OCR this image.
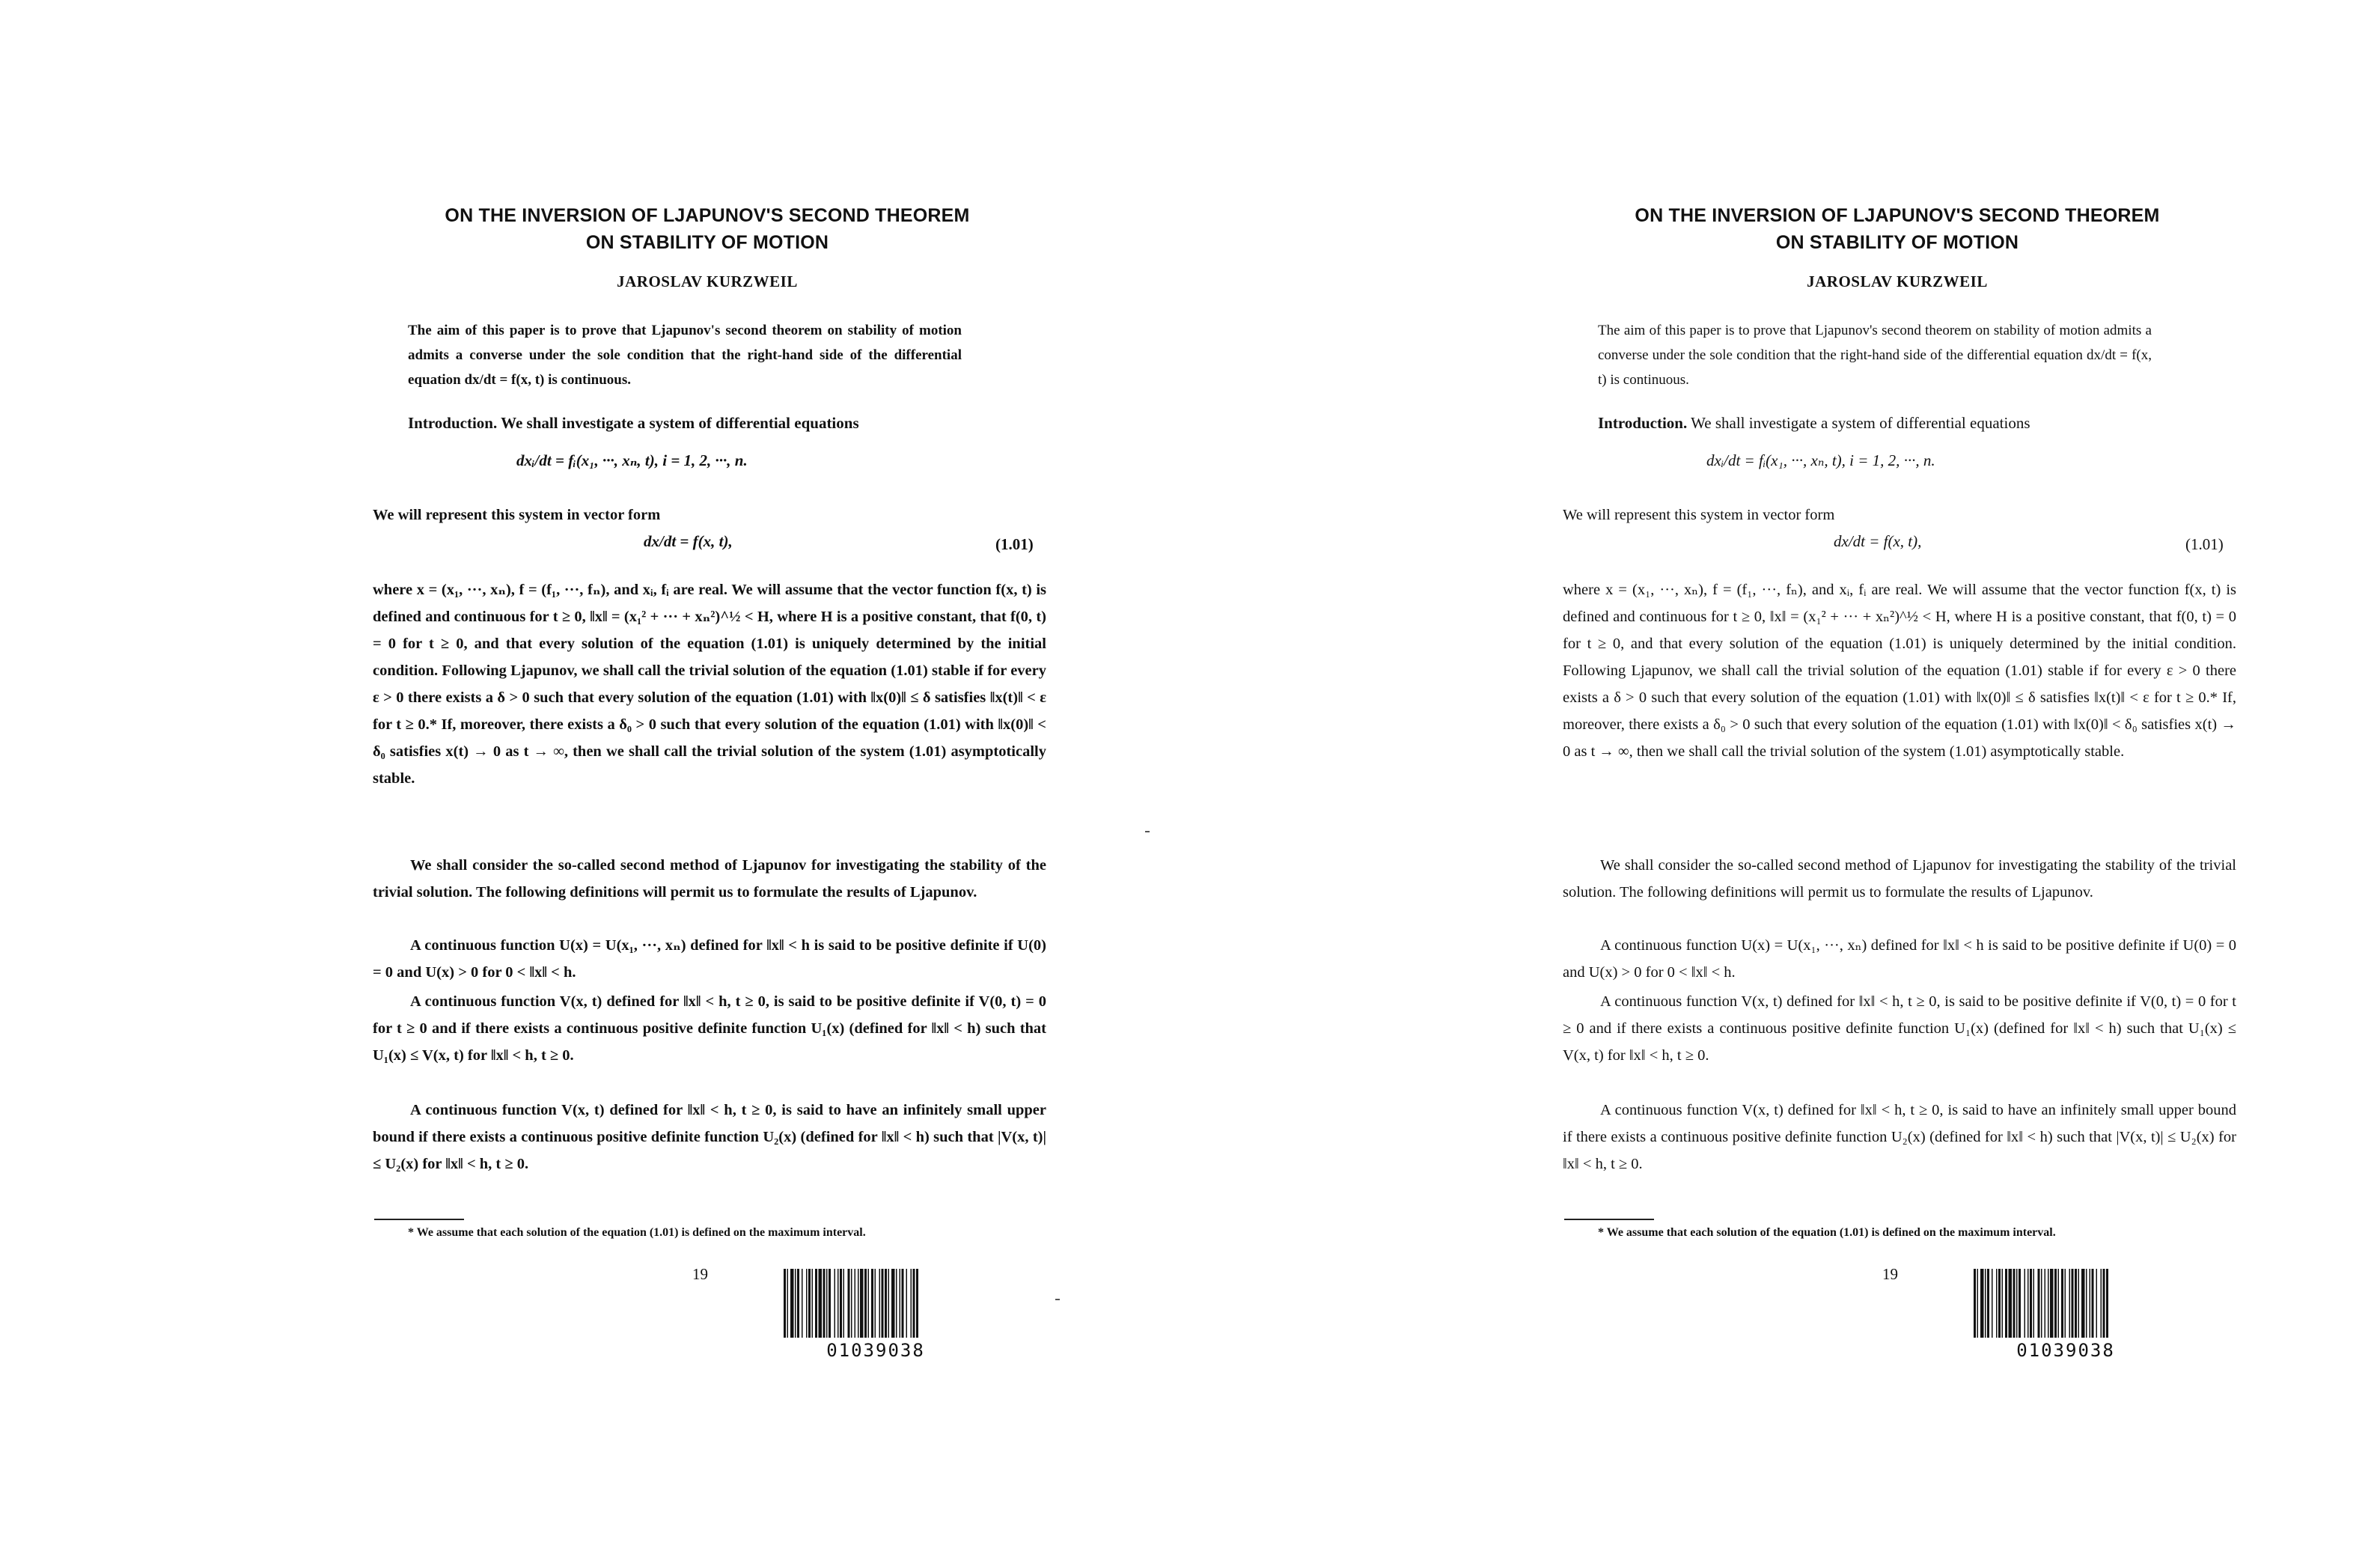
ON THE INVERSION OF LJAPUNOV'S SECOND THEOREM
ON STABILITY OF MOTION
JAROSLAV KURZWEIL
The aim of this paper is to prove that Ljapunov's second theorem on stability of motion admits a converse under the sole condition that the right-hand side of the differential equation dx/dt = f(x, t) is continuous.
Introduction. We shall investigate a system of differential equations
dxᵢ/dt = fᵢ(x₁, ···, xₙ, t), i = 1, 2, ···, n.
We will represent this system in vector form
dx/dt = f(x, t),	(1.01)
where x = (x₁, ···, xₙ), f = (f₁, ···, fₙ), and xᵢ, fᵢ are real. We will assume that the vector function f(x, t) is defined and continuous for t ≥ 0, ‖x‖ = (x₁² + ··· + xₙ²)^½ < H, where H is a positive constant, that f(0, t) = 0 for t ≥ 0, and that every solution of the equation (1.01) is uniquely determined by the initial condition. Following Ljapunov, we shall call the trivial solution of the equation (1.01) stable if for every ε > 0 there exists a δ > 0 such that every solution of the equation (1.01) with ‖x(0)‖ ≤ δ satisfies ‖x(t)‖ < ε for t ≥ 0.* If, moreover, there exists a δ₀ > 0 such that every solution of the equation (1.01) with ‖x(0)‖ < δ₀ satisfies x(t) → 0 as t → ∞, then we shall call the trivial solution of the system (1.01) asymptotically stable.
We shall consider the so-called second method of Ljapunov for investigating the stability of the trivial solution. The following definitions will permit us to formulate the results of Ljapunov.
A continuous function U(x) = U(x₁, ···, xₙ) defined for ‖x‖ < h is said to be positive definite if U(0) = 0 and U(x) > 0 for 0 < ‖x‖ < h.
A continuous function V(x, t) defined for ‖x‖ < h, t ≥ 0, is said to be positive definite if V(0, t) = 0 for t ≥ 0 and if there exists a continuous positive definite function U₁(x) (defined for ‖x‖ < h) such that U₁(x) ≤ V(x, t) for ‖x‖ < h, t ≥ 0.
A continuous function V(x, t) defined for ‖x‖ < h, t ≥ 0, is said to have an infinitely small upper bound if there exists a continuous positive definite function U₂(x) (defined for ‖x‖ < h) such that |V(x, t)| ≤ U₂(x) for ‖x‖ < h, t ≥ 0.
* We assume that each solution of the equation (1.01) is defined on the maximum interval.
19
01039038
ON THE INVERSION OF LJAPUNOV'S SECOND THEOREM
ON STABILITY OF MOTION
JAROSLAV KURZWEIL
The aim of this paper is to prove that Ljapunov's second theorem on stability of motion admits a converse under the sole condition that the right-hand side of the differential equation dx/dt = f(x, t) is continuous.
Introduction. We shall investigate a system of differential equations
dxᵢ/dt = fᵢ(x₁, ···, xₙ, t), i = 1, 2, ···, n.
We will represent this system in vector form
dx/dt = f(x, t),	(1.01)
where x = (x₁, ···, xₙ), f = (f₁, ···, fₙ), and xᵢ, fᵢ are real. We will assume that the vector function f(x, t) is defined and continuous for t ≥ 0, ‖x‖ = (x₁² + ··· + xₙ²)^½ < H, where H is a positive constant, that f(0, t) = 0 for t ≥ 0, and that every solution of the equation (1.01) is uniquely determined by the initial condition. Following Ljapunov, we shall call the trivial solution of the equation (1.01) stable if for every ε > 0 there exists a δ > 0 such that every solution of the equation (1.01) with ‖x(0)‖ ≤ δ satisfies ‖x(t)‖ < ε for t ≥ 0.* If, moreover, there exists a δ₀ > 0 such that every solution of the equation (1.01) with ‖x(0)‖ < δ₀ satisfies x(t) → 0 as t → ∞, then we shall call the trivial solution of the system (1.01) asymptotically stable.
We shall consider the so-called second method of Ljapunov for investigating the stability of the trivial solution. The following definitions will permit us to formulate the results of Ljapunov.
A continuous function U(x) = U(x₁, ···, xₙ) defined for ‖x‖ < h is said to be positive definite if U(0) = 0 and U(x) > 0 for 0 < ‖x‖ < h.
A continuous function V(x, t) defined for ‖x‖ < h, t ≥ 0, is said to be positive definite if V(0, t) = 0 for t ≥ 0 and if there exists a continuous positive definite function U₁(x) (defined for ‖x‖ < h) such that U₁(x) ≤ V(x, t) for ‖x‖ < h, t ≥ 0.
A continuous function V(x, t) defined for ‖x‖ < h, t ≥ 0, is said to have an infinitely small upper bound if there exists a continuous positive definite function U₂(x) (defined for ‖x‖ < h) such that |V(x, t)| ≤ U₂(x) for ‖x‖ < h, t ≥ 0.
* We assume that each solution of the equation (1.01) is defined on the maximum interval.
19
01039038
